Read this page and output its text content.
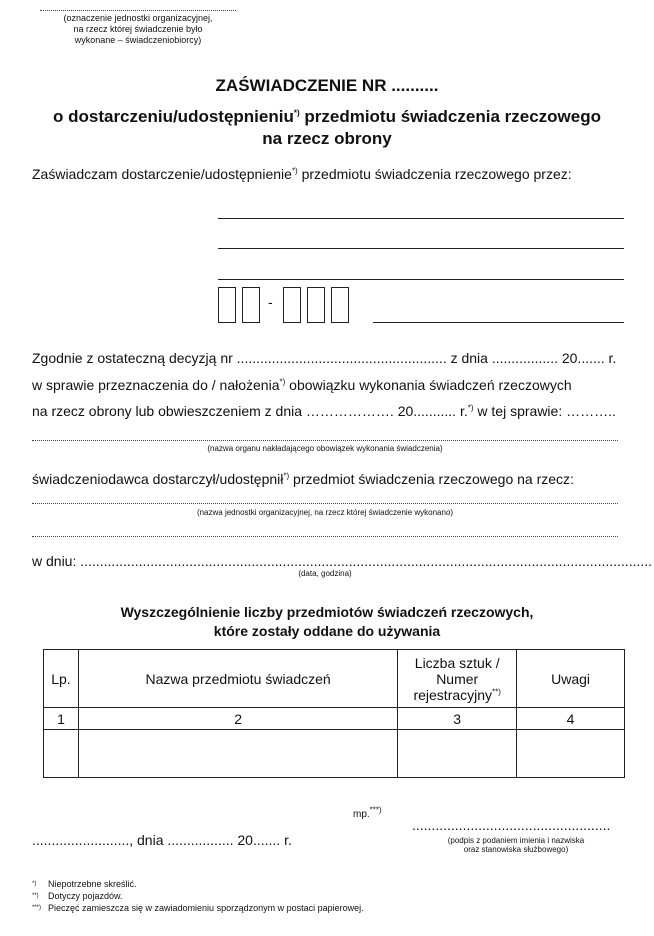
(oznaczenie jednostki organizacyjnej,
na rzecz której świadczenie było
wykonane – świadczeniobiorcy)
ZAŚWIADCZENIE NR ..........
o dostarczeniu/udostępnieniu*) przedmiotu świadczenia rzeczowego
na rzecz obrony
Zaświadczam dostarczenie/udostępnienie*) przedmiotu świadczenia rzeczowego przez:
-
Zgodnie z ostateczną decyzją nr ...................................................... z dnia ................. 20....... r.
w sprawie przeznaczenia do / nałożenia*) obowiązku wykonania świadczeń rzeczowych
na rzecz obrony lub obwieszczeniem z dnia ………………. 20........... r.*) w tej sprawie: ………..
(nazwa organu nakładającego obowiązek wykonania świadczenia)
świadczeniodawca dostarczył/udostępnił*) przedmiot świadczenia rzeczowego na rzecz:
(nazwa jednostki organizacyjnej, na rzecz której świadczenie wykonano)
w dniu: ...................................................................................................................................................
(data, godzina)
Wyszczególnienie liczby przedmiotów świadczeń rzeczowych,
które zostały oddane do używania
Lp.	Nazwa przedmiotu świadczeń	Liczba sztuk /
Numer
rejestracyjny**)	Uwagi
1	2	3	4

mp.***)
........................., dnia ................. 20....... r.
...................................................
(podpis z podaniem imienia i nazwiska
oraz stanowiska służbowego)
*) Niepotrzebne skreślić.
**) Dotyczy pojazdów.
***) Pieczęć zamieszcza się w zawiadomieniu sporządzonym w postaci papierowej.
